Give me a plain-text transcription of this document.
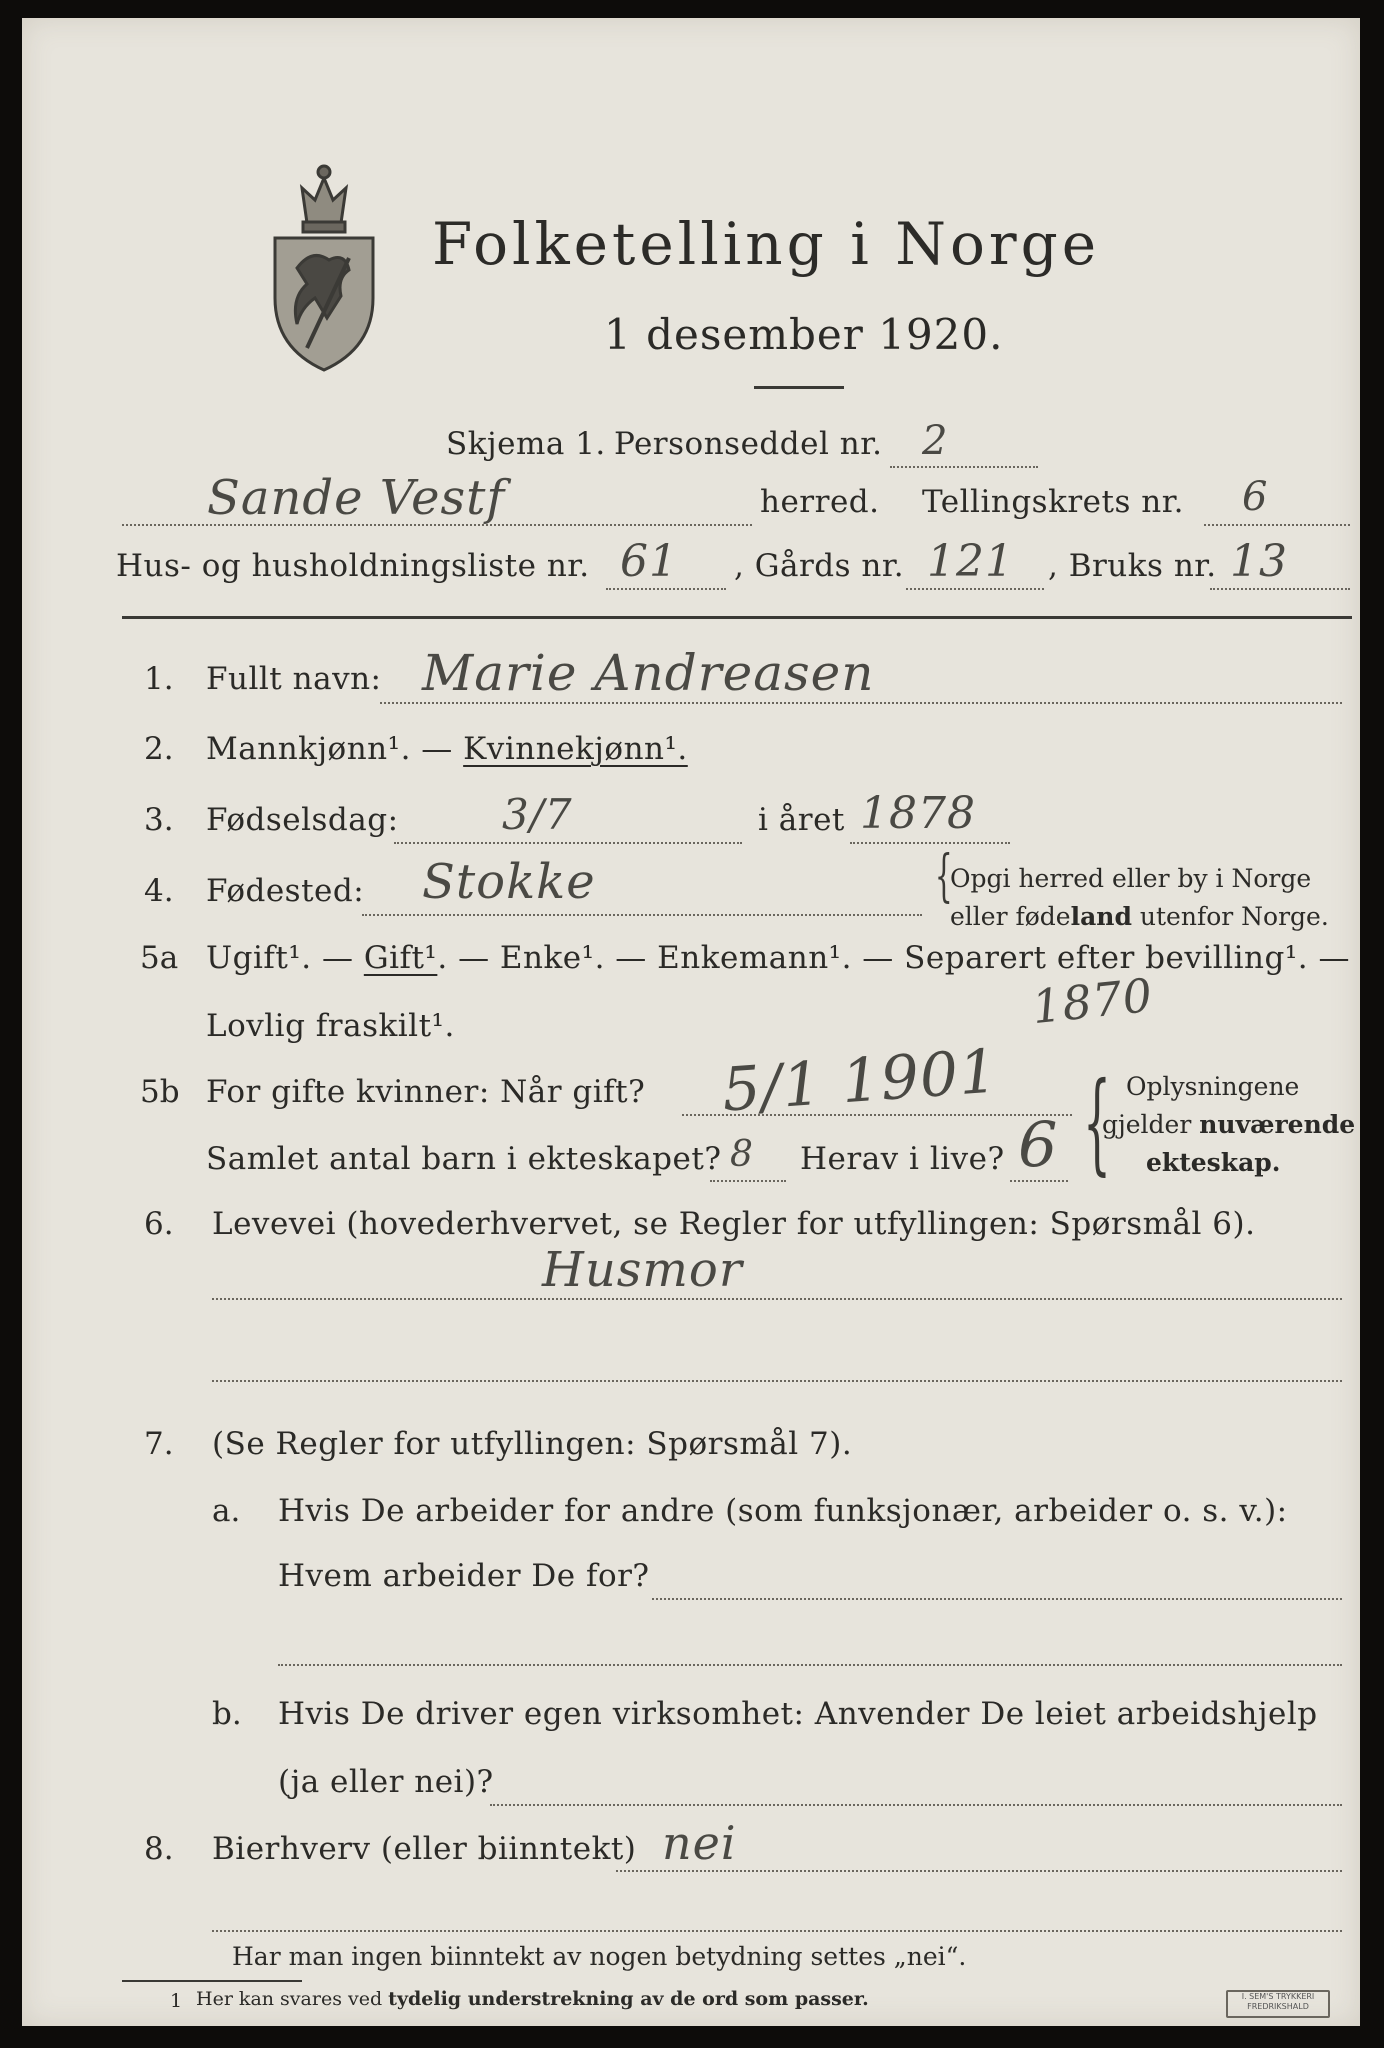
Folketelling i Norge
1 desember 1920.
Skjema 1. Personseddel nr. 2
Sande Vestf	herred. Tellingskrets nr. 6
Hus- og husholdningsliste nr. 61 , Gårds nr. 121 , Bruks nr. 13
1. Fullt navn: Marie Andreasen
2. Mannkjønn¹. — Kvinnekjønn¹.
3. Fødselsdag: 3/7	i året 1878
4. Fødested: Stokke	{
Opgi herred eller by i Norge
eller fødeland utenfor Norge.
5a Ugift¹. — Gift¹. — Enke¹. — Enkemann¹. — Separert efter bevilling¹. —
Lovlig fraskilt¹.	1870
5b For gifte kvinner: Når gift? 5/1 1901
Samlet antal barn i ekteskapet? 8 Herav i live? 6 { Oplysningene
gjelder nuværende
ekteskap.
6. Levevei (hovederhvervet, se Regler for utfyllingen: Spørsmål 6).
Husmor
7. (Se Regler for utfyllingen: Spørsmål 7).
a. Hvis De arbeider for andre (som funksjonær, arbeider o. s. v.):
Hvem arbeider De for?
b. Hvis De driver egen virksomhet: Anvender De leiet arbeidshjelp
(ja eller nei)?
8. Bierhverv (eller biinntekt) nei
Har man ingen biinntekt av nogen betydning settes „nei“.
1 Her kan svares ved tydelig understrekning av de ord som passer.	I. SEM'S TRYKKERI
FREDRIKSHALD
